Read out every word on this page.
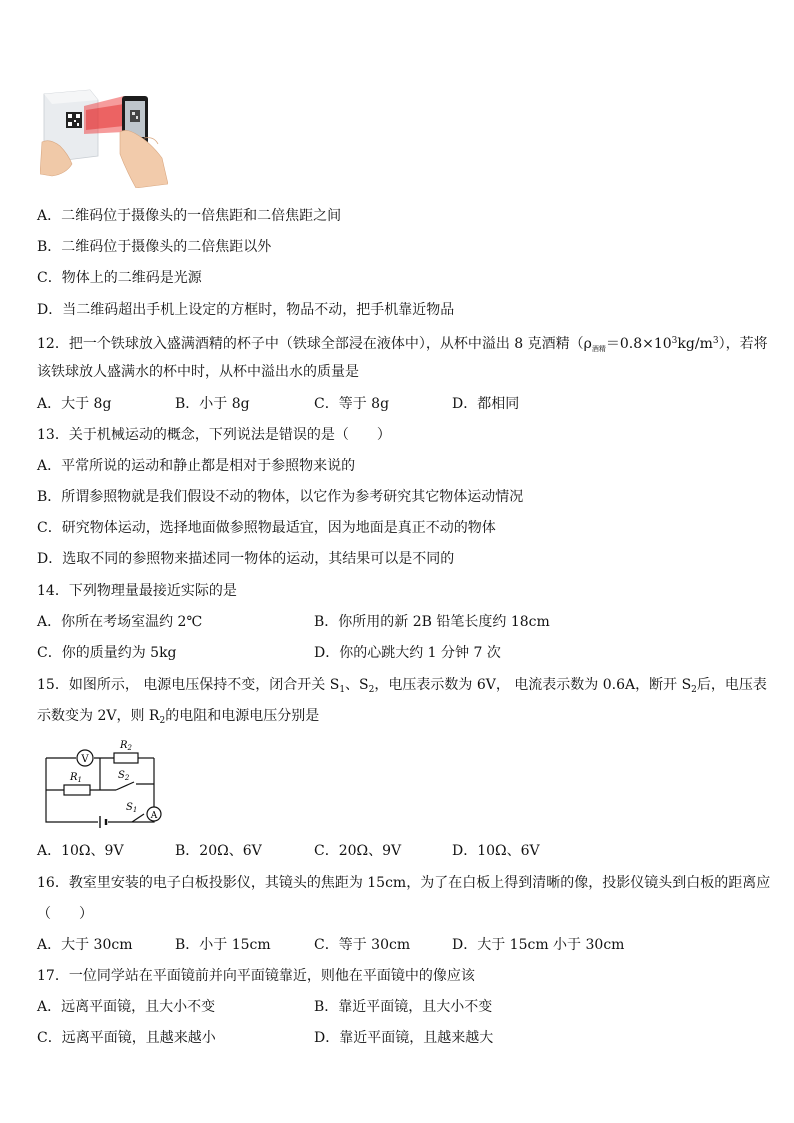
A．二维码位于摄像头的一倍焦距和二倍焦距之间
B．二维码位于摄像头的二倍焦距以外
C．物体上的二维码是光源
D．当二维码超出手机上设定的方框时，物品不动，把手机靠近物品
12．把一个铁球放入盛满酒精的杯子中（铁球全部浸在液体中），从杯中溢出 8 克酒精$(\rho_{酒精}=0.8\times 10^3kg/m^3)$，若将
该铁球放人盛满水的杯中时，从杯中溢出水的质量是
A．大于 8g	B．小于 8g	C．等于 8g	D．都相同
13．关于机械运动的概念，下列说法是错误的是（　　）
A．平常所说的运动和静止都是相对于参照物来说的
B．所谓参照物就是我们假设不动的物体，以它作为参考研究其它物体运动情况
C．研究物体运动，选择地面做参照物最适宜，因为地面是真正不动的物体
D．选取不同的参照物来描述同一物体的运动，其结果可以是不同的
14．下列物理量最接近实际的是
A．你所在考场室温约 2℃	B．你所用的新 2B 铅笔长度约 18cm
C．你的质量约为 5kg	D．你的心跳大约 1 分钟 7 次
15．如图所示， 电源电压保持不变，闭合开关 $S_1$、$S_2$，电压表示数为 6V， 电流表示数为 0.6A，断开 $S_2$后，电压表
示数变为 2V，则 $R_2$的电阻和电源电压分别是
V
$R_2$
$R_1$	$S_2$
A
$S_1$
A．10Ω、9V	B．20Ω、6V	C．20Ω、9V	D．10Ω、6V
16．教室里安装的电子白板投影仪，其镜头的焦距为 15cm，为了在白板上得到清晰的像，投影仪镜头到白板的距离应
（　　）
A．大于 30cm	B．小于 15cm	C．等于 30cm	D．大于 15cm 小于 30cm
17．一位同学站在平面镜前并向平面镜靠近，则他在平面镜中的像应该
A．远离平面镜，且大小不变	B．靠近平面镜，且大小不变
C．远离平面镜，且越来越小	D．靠近平面镜，且越来越大
